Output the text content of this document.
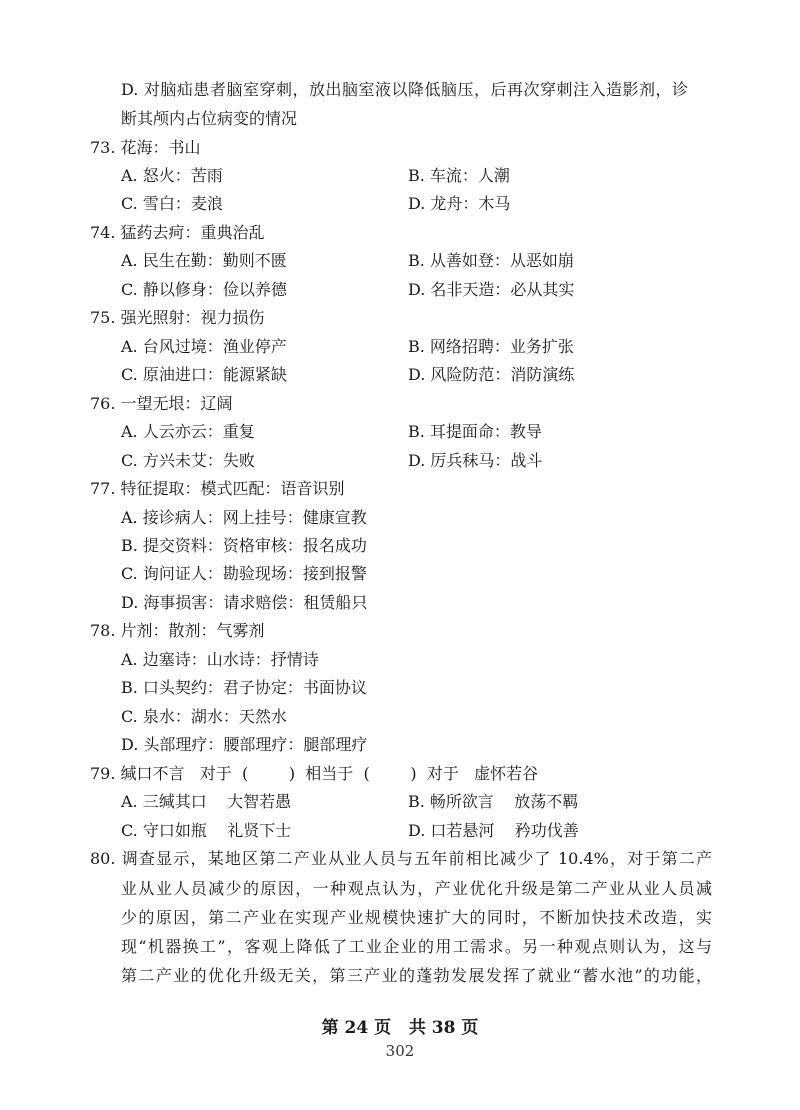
D. 对脑疝患者脑室穿刺，放出脑室液以降低脑压，后再次穿刺注入造影剂，诊
断其颅内占位病变的情况
73. 花海：书山
A. 怒火：苦雨	B. 车流：人潮
C. 雪白：麦浪	D. 龙舟：木马
74. 猛药去疴：重典治乱
A. 民生在勤：勤则不匮	B. 从善如登：从恶如崩
C. 静以修身：俭以养德	D. 名非天造：必从其实
75. 强光照射：视力损伤
A. 台风过境：渔业停产	B. 网络招聘：业务扩张
C. 原油进口：能源紧缺	D. 风险防范：消防演练
76. 一望无垠：辽阔
A. 人云亦云：重复	B. 耳提面命：教导
C. 方兴未艾：失败	D. 厉兵秣马：战斗
77. 特征提取：模式匹配：语音识别
A. 接诊病人：网上挂号：健康宣教
B. 提交资料：资格审核：报名成功
C. 询问证人：勘验现场：接到报警
D. 海事损害：请求赔偿：租赁船只
78. 片剂：散剂：气雾剂
A. 边塞诗：山水诗：抒情诗
B. 口头契约：君子协定：书面协议
C. 泉水：湖水：天然水
D. 头部理疗：腰部理疗：腿部理疗
79. 缄口不言   对于  (        )  相当于  (        )  对于   虚怀若谷
A. 三缄其口    大智若愚	B. 畅所欲言    放荡不羁
C. 守口如瓶    礼贤下士	D. 口若悬河    矜功伐善
80. 调查显示，某地区第二产业从业人员与五年前相比减少了 10.4%，对于第二产
业从业人员减少的原因，一种观点认为，产业优化升级是第二产业从业人员减
少的原因，第二产业在实现产业规模快速扩大的同时，不断加快技术改造，实
现“机器换工”，客观上降低了工业企业的用工需求。另一种观点则认为，这与
第二产业的优化升级无关，第三产业的蓬勃发展发挥了就业“蓄水池”的功能，
第 24 页   共 38 页
302
